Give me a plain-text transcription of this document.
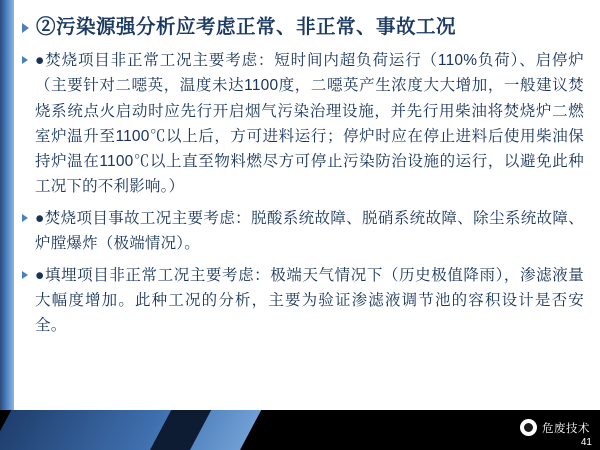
②污染源强分析应考虑正常、非正常、事故工况
●焚烧项目非正常工况主要考虑：短时间内超负荷运行（110%负荷）、启停炉（主要针对二噁英，温度未达1100度，二噁英产生浓度大大增加，一般建议焚烧系统点火启动时应先行开启烟气污染治理设施，并先行用柴油将焚烧炉二燃室炉温升至1100℃以上后，方可进料运行；停炉时应在停止进料后使用柴油保持炉温在1100℃以上直至物料燃尽方可停止污染防治设施的运行，以避免此种工况下的不利影响。）
●焚烧项目事故工况主要考虑：脱酸系统故障、脱硝系统故障、除尘系统故障、炉膛爆炸（极端情况）。
●填埋项目非正常工况主要考虑：极端天气情况下（历史极值降雨），渗滤液量大幅度增加。此种工况的分析，主要为验证渗滤液调节池的容积设计是否安全。
危废技术
41
